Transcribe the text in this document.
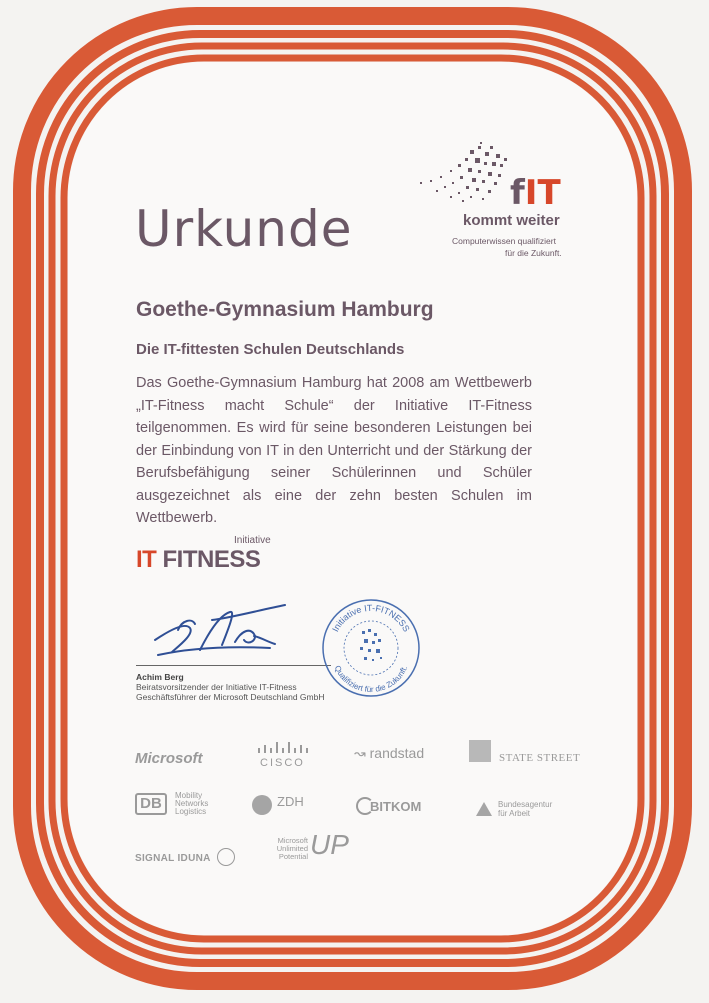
Urkunde
fIT
kommt weiter
Computerwissen qualifiziert
für die Zukunft.
Goethe-Gymnasium Hamburg
Die IT-fittesten Schulen Deutschlands
Das Goethe-Gymnasium Hamburg hat 2008 am Wettbewerb „IT-Fitness macht Schule“ der Initiative IT-Fitness teilgenommen. Es wird für seine besonderen Leistungen bei der Einbindung von IT in den Unterricht und der Stärkung der Berufsbefähigung seiner Schülerinnen und Schüler ausgezeichnet als eine der zehn besten Schulen im Wettbewerb.
Initiative
IT FITNESS
Achim Berg
Beiratsvorsitzender der Initiative IT-Fitness
Geschäftsführer der Microsoft Deutschland GmbH
Initiative IT-FITNESS
Qualifiziert für die Zukunft.
Microsoft	CISCO
↝ randstad	STATE STREET
DB	Mobility
Networks
Logistics
ZDH	BITKOM	Bundesagentur
für Arbeit
SIGNAL IDUNA
Microsoft
Unlimited
Potential UP
